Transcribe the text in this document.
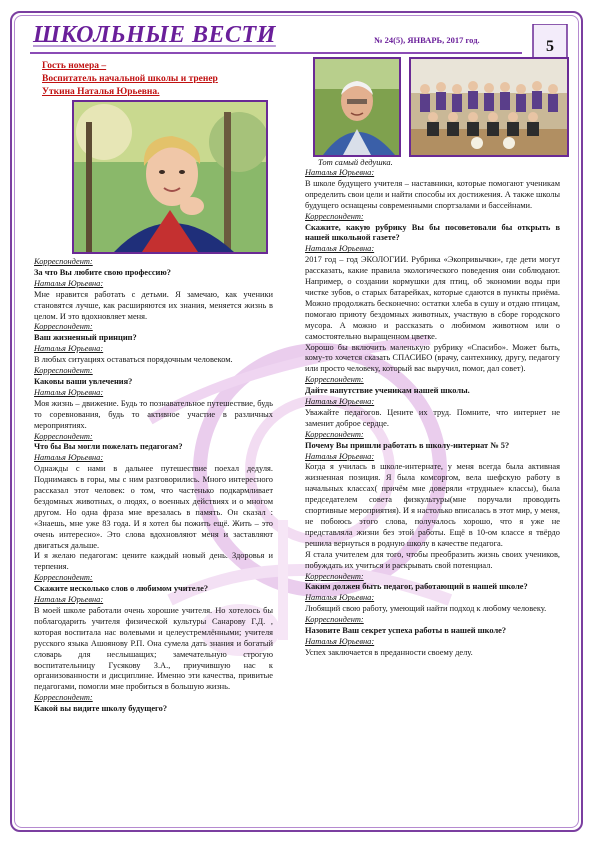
ШКОЛЬНЫЕ ВЕСТИ	№ 24(5), ЯНВАРЬ, 2017 год.	5
Гость номера –
Воспитатель начальной школы и тренер
Уткина Наталья Юрьевна.
Тот самый дедушка.
Корреспондент:
За что Вы любите свою профессию?
Наталья Юрьевна:
Мне нравится работать с детьми. Я замечаю, как ученики становятся лучше, как расширяются их знания, меняется жизнь в целом. И это вдохновляет меня.
Корреспондент:
Ваш жизненный принцип?
Наталья Юрьевна:
В любых ситуациях оставаться порядочным человеком.
Корреспондент:
Каковы ваши увлечения?
Наталья Юрьевна:
Моя жизнь – движение. Будь то познавательное путешествие, будь то соревнования, будь то активное участие в различных мероприятиях.
Корреспондент:
Что бы Вы могли пожелать педагогам?
Наталья Юрьевна:
Однажды с нами в дальнее путешествие поехал дедуля. Поднимаясь в горы, мы с ним разговорились. Много интересного рассказал этот человек: о том, что частенько подкармливает бездомных животных, о людях, о военных действиях и о многом другом. Но одна фраза мне врезалась в память. Он сказал : «Знаешь, мне уже 83 года. И я хотел бы пожить ещё. Жить – это очень интересно». Это слова вдохновляют меня и заставляют двигаться дальше.
И я желаю педагогам: цените каждый новый день. Здоровья и терпения.
Корреспондент:
Скажите несколько слов о любимом учителе?
Наталья Юрьевна:
В моей школе работали очень хорошие учителя. Но хотелось бы поблагодарить учителя физической культуры Санарову Г.Д. , которая воспитала нас волевыми и целеустремлёнными; учителя русского языка Ашоянову Р.П. Она сумела дать знания и богатый словарь для неслышащих; замечательную строгую воспитательницу Гусякову З.А., приучившую нас к организованности и дисциплине. Именно эти качества, привитые педагогами, помогли мне пробиться в большую жизнь.
Корреспондент:
Какой вы видите школу будущего?
Наталья Юрьевна:
В школе будущего учителя – наставники, которые помогают ученикам определить свои цели и найти способы их достижения. А также школы будущего оснащены современными спортзалами и бассейнами.
Корреспондент:
Скажите, какую рубрику Вы бы посоветовали бы открыть в нашей школьной газете?
Наталья Юрьевна:
2017 год – год ЭКОЛОГИИ. Рубрика «Экопривычки», где дети могут рассказать, какие правила экологического поведения они соблюдают. Например, о создании кормушки для птиц, об экономии воды при чистке зубов, о старых батарейках, которые сдаются в пункты приёма. Можно продолжать бесконечно: остатки хлеба в сушу и отдаю птицам, помогаю приюту бездомных животных, участвую в сборе городского мусора. А можно и рассказать о любимом животном или о самостоятельно выращенном цветке.
Хорошо бы включить маленькую рубрику «Спасибо». Может быть, кому-то хочется сказать СПАСИБО (врачу, сантехнику, другу, педагогу или просто человеку, который вас выручил, помог, дал совет).
Корреспондент:
Дайте напутствие ученикам нашей школы.
Наталья Юрьевна:
Уважайте педагогов. Цените их труд. Помните, что интернет не заменит доброе сердце.
Корреспондент:
Почему Вы пришли работать в школу-интернат № 5?
Наталья Юрьевна:
Когда я училась в школе-интернате, у меня всегда была активная жизненная позиция. Я была комсоргом, вела шефскую работу в начальных классах( причём мне доверяли «трудные» классы), была председателем совета физкультуры(мне поручали проводить спортивные мероприятия). И я настолько вписалась в этот мир, у меня, не побоюсь этого слова, получалось хорошо, что я уже не представляла жизни без этой работы. Ещё в 10-ом классе я твёрдо решила вернуться в родную школу в качестве педагога.
Я стала учителем для того, чтобы преобразить жизнь своих учеников, побуждать их учиться и раскрывать свой потенциал.
Корреспондент:
Каким должен быть педагог, работающий в нашей школе?
Наталья Юрьевна:
Любящий свою работу, умеющий найти подход к любому человеку.
Корреспондент:
Назовите Ваш секрет успеха работы в нашей школе?
Наталья Юрьевна:
Успех заключается в преданности своему делу.
